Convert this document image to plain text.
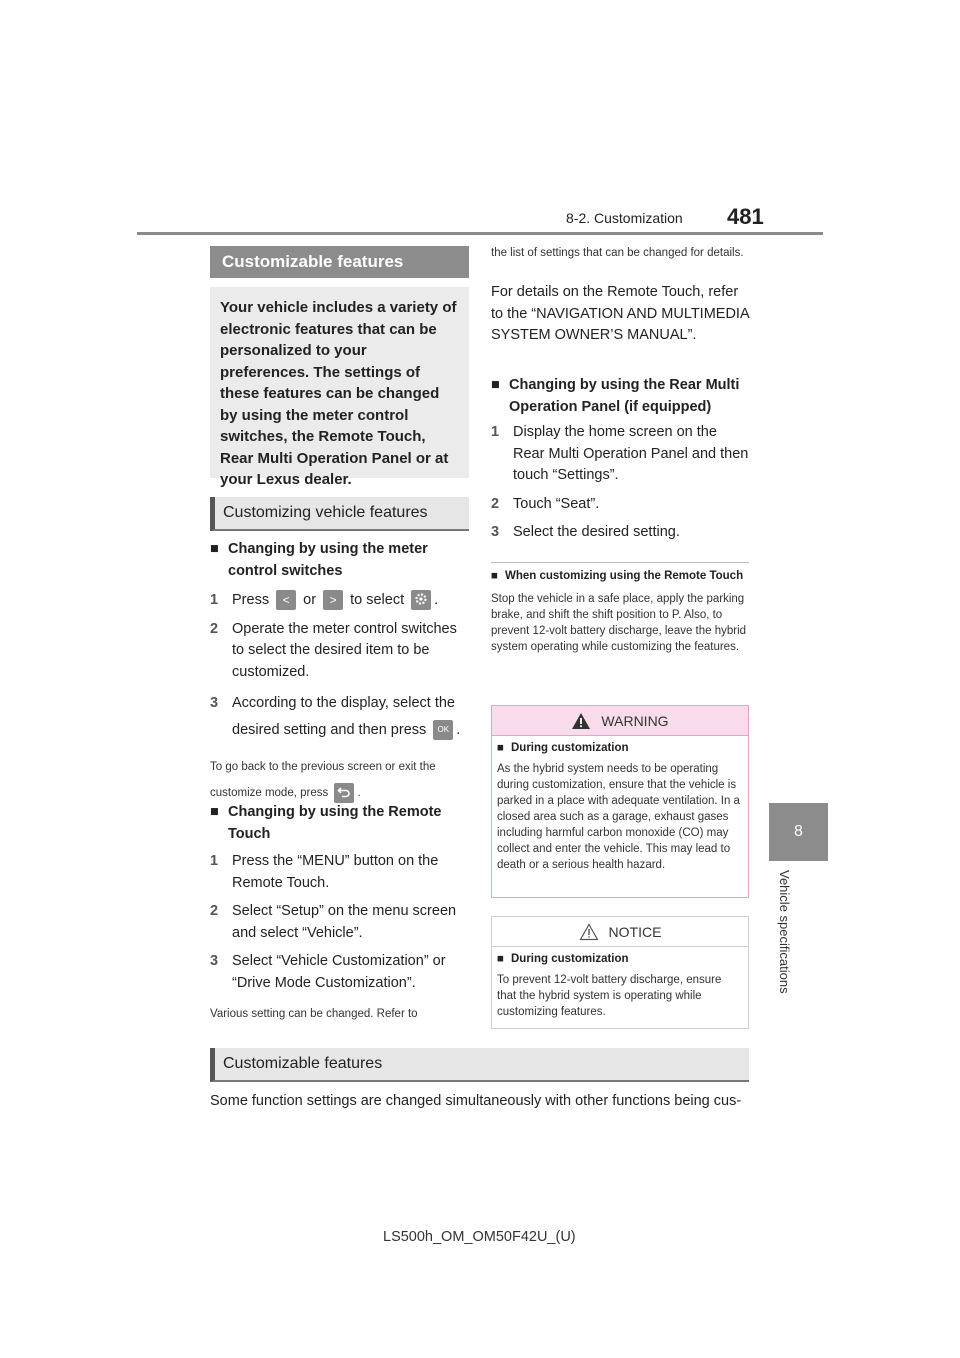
8-2. Customization 481
8
Vehicle specifications
Customizable features
Your vehicle includes a variety of electronic features that can be personalized to your preferences. The settings of these features can be changed by using the meter control switches, the Remote Touch, Rear Multi Operation Panel or at your Lexus dealer.
Customizing vehicle features
■ Changing by using the meter control switches
1 Press < or > to select .
2 Operate the meter control switches to select the desired item to be customized.
3 According to the display, select the desired setting and then press OK .
To go back to the previous screen or exit the customize mode, press	.
■ Changing by using the Remote Touch
1 Press the “MENU” button on the Remote Touch.
2 Select “Setup” on the menu screen and select “Vehicle”.
3 Select “Vehicle Customization” or “Drive Mode Customization”.
Various setting can be changed. Refer to
the list of settings that can be changed for details.
For details on the Remote Touch, refer to the “NAVIGATION AND MULTIMEDIA SYSTEM OWNER’S MANUAL”.
■ Changing by using the Rear Multi Operation Panel (if equipped)
1 Display the home screen on the Rear Multi Operation Panel and then touch “Settings”.
2 Touch “Seat”.
3 Select the desired setting.
■ When customizing using the Remote Touch
Stop the vehicle in a safe place, apply the parking brake, and shift the shift position to P. Also, to prevent 12-volt battery discharge, leave the hybrid system operating while customizing the features.
WARNING
■ During customization
As the hybrid system needs to be operating during customization, ensure that the vehicle is parked in a place with adequate ventilation. In a closed area such as a garage, exhaust gases including harmful carbon monoxide (CO) may collect and enter the vehicle. This may lead to death or a serious health hazard.
NOTICE
■ During customization
To prevent 12-volt battery discharge, ensure that the hybrid system is operating while customizing features.
Customizable features
Some function settings are changed simultaneously with other functions being cus-
LS500h_OM_OM50F42U_(U)
